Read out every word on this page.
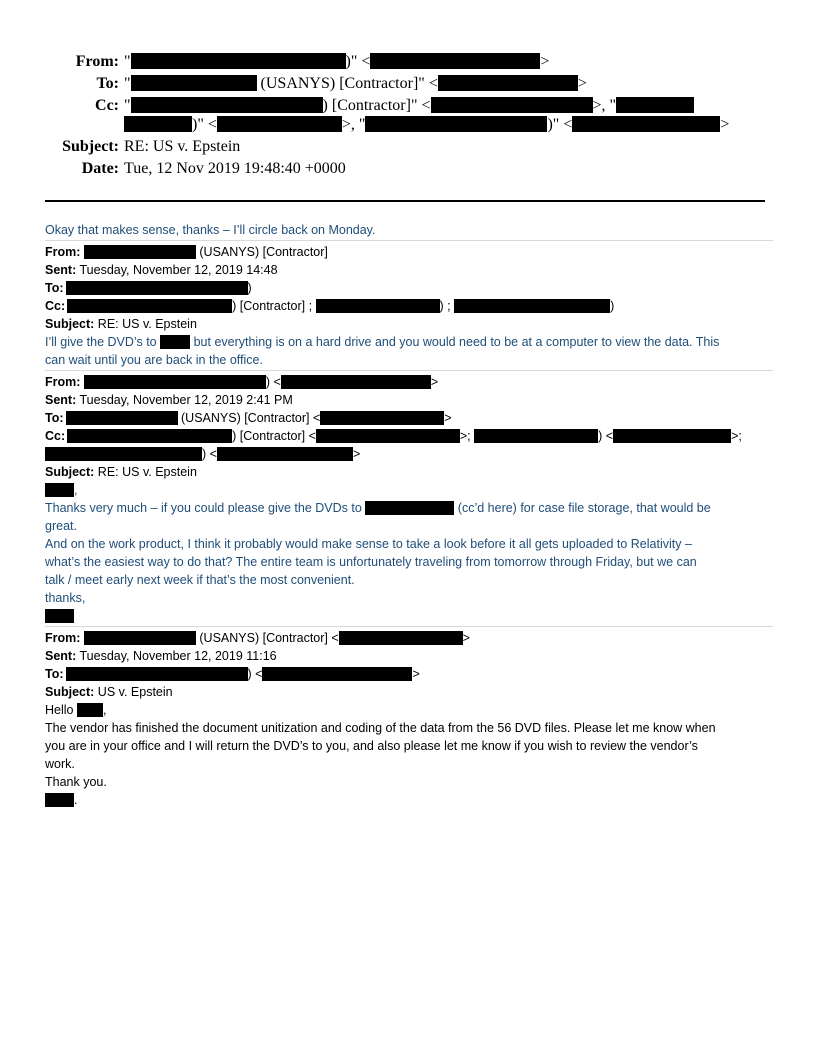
From: "	)" <	>
To: "	(USANYS) [Contractor]" <	>
Cc: "	) [Contractor]" <	>, "
)" <	>, "	)" <	>
Subject: RE: US v. Epstein
Date: Tue, 12 Nov 2019 19:48:40 +0000
Okay that makes sense, thanks – I’ll circle back on Monday.
From:	(USANYS) [Contractor]
Sent: Tuesday, November 12, 2019 14:48
To:	)
Cc:	) [Contractor] ;	) ;	)
Subject: RE: US v. Epstein
I’ll give the DVD’s to	but everything is on a hard drive and you would need to be at a computer to view the data. This
can wait until you are back in the office.
From:	) <	>
Sent: Tuesday, November 12, 2019 2:41 PM
To:	(USANYS) [Contractor] <	>
Cc:	) [Contractor] <	>;	) <	>;
) <	>
Subject: RE: US v. Epstein
,
Thanks very much – if you could please give the DVDs to	(cc’d here) for case file storage, that would be
great.
And on the work product, I think it probably would make sense to take a look before it all gets uploaded to Relativity –
what’s the easiest way to do that? The entire team is unfortunately traveling from tomorrow through Friday, but we can
talk / meet early next week if that’s the most convenient.
thanks,
From:	(USANYS) [Contractor] <	>
Sent: Tuesday, November 12, 2019 11:16
To:	) <	>
Subject: US v. Epstein
Hello ,
The vendor has finished the document unitization and coding of the data from the 56 DVD files. Please let me know when
you are in your office and I will return the DVD’s to you, and also please let me know if you wish to review the vendor’s
work.
Thank you.
.
